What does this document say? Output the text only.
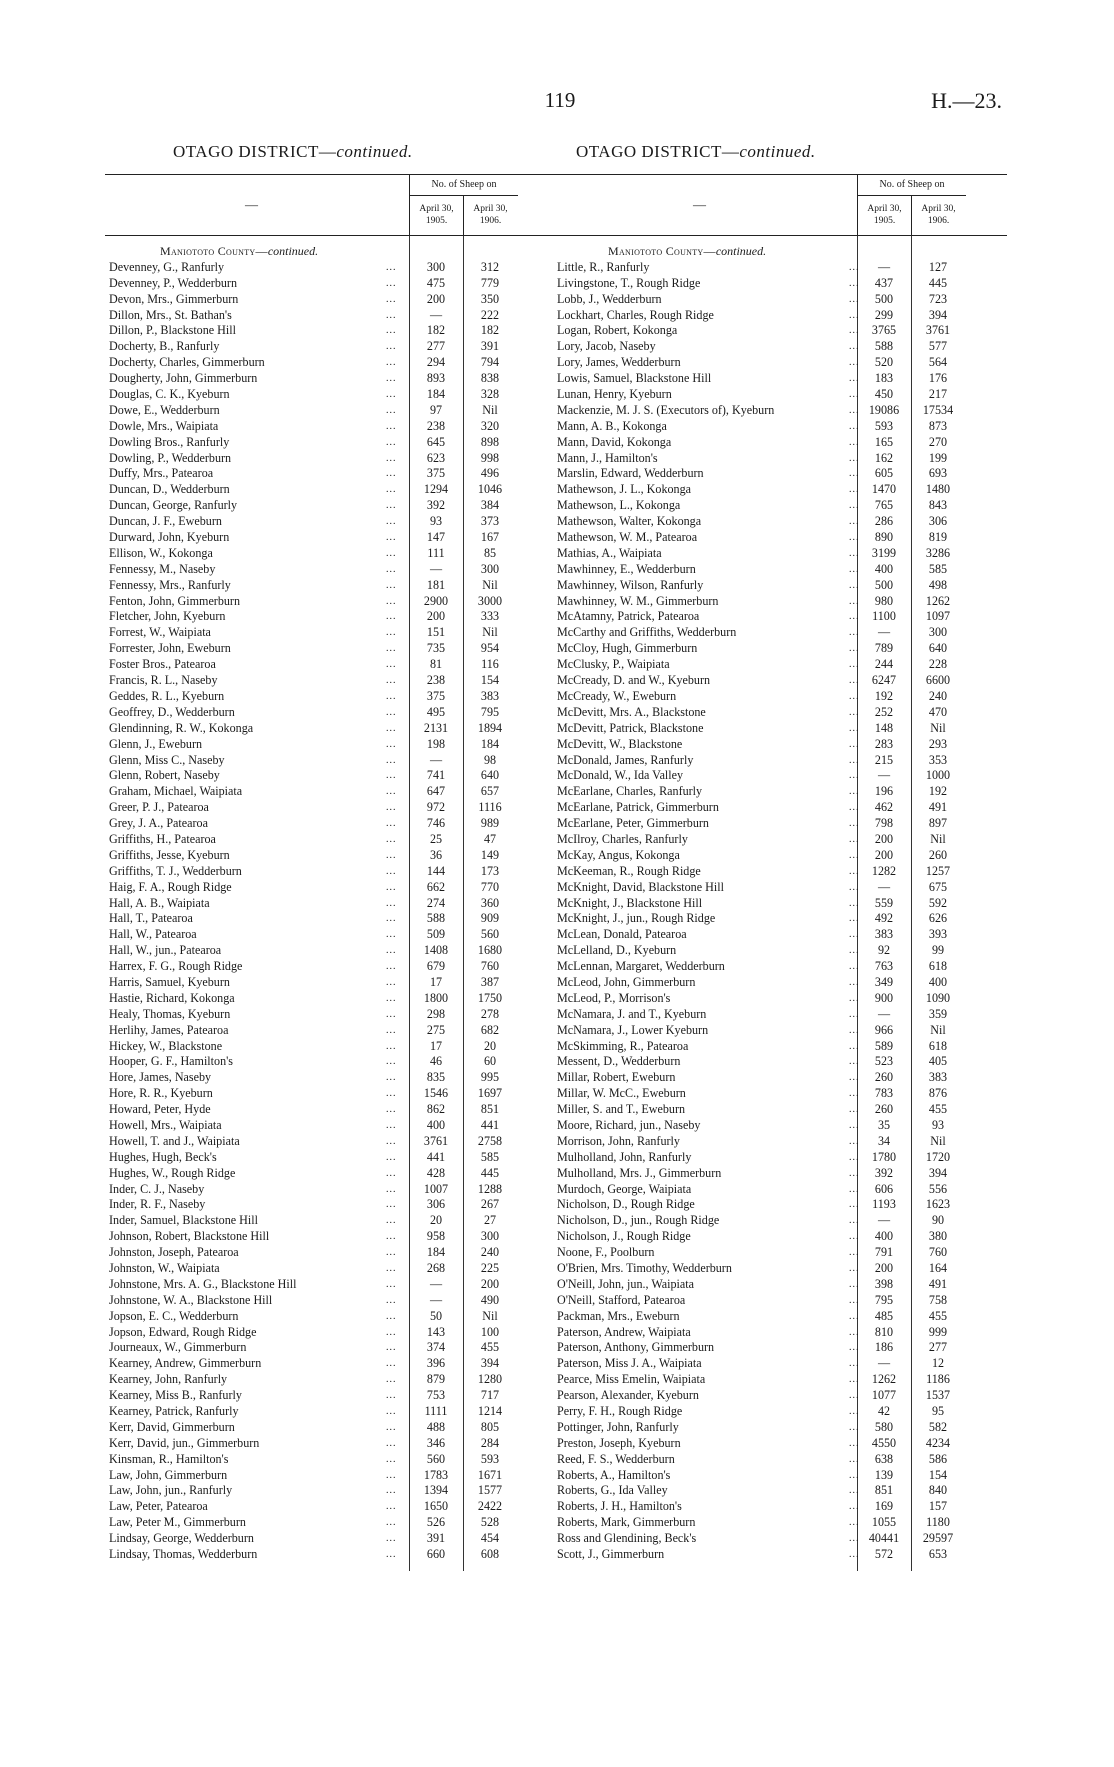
119	H.—23.
OTAGO DISTRICT—continued.	OTAGO DISTRICT—continued.
—
No. of Sheep on
April 30, 1905.
April 30, 1906.
Maniototo County—continued.
Devenney, G., Ranfurly	...	300	312
Devenney, P., Wedderburn	...	475	779
Devon, Mrs., Gimmerburn	...	200	350
Dillon, Mrs., St. Bathan's	...	—	222
Dillon, P., Blackstone Hill	...	182	182
Docherty, B., Ranfurly	...	277	391
Docherty, Charles, Gimmerburn	...	294	794
Dougherty, John, Gimmerburn	...	893	838
Douglas, C. K., Kyeburn	...	184	328
Dowe, E., Wedderburn	...	97	Nil
Dowle, Mrs., Waipiata	...	238	320
Dowling Bros., Ranfurly	...	645	898
Dowling, P., Wedderburn	...	623	998
Duffy, Mrs., Patearoa	...	375	496
Duncan, D., Wedderburn	...	1294	1046
Duncan, George, Ranfurly	...	392	384
Duncan, J. F., Eweburn	...	93	373
Durward, John, Kyeburn	...	147	167
Ellison, W., Kokonga	...	111	85
Fennessy, M., Naseby	...	—	300
Fennessy, Mrs., Ranfurly	...	181	Nil
Fenton, John, Gimmerburn	...	2900	3000
Fletcher, John, Kyeburn	...	200	333
Forrest, W., Waipiata	...	151	Nil
Forrester, John, Eweburn	...	735	954
Foster Bros., Patearoa	...	81	116
Francis, R. L., Naseby	...	238	154
Geddes, R. L., Kyeburn	...	375	383
Geoffrey, D., Wedderburn	...	495	795
Glendinning, R. W., Kokonga	...	2131	1894
Glenn, J., Eweburn	...	198	184
Glenn, Miss C., Naseby	...	—	98
Glenn, Robert, Naseby	...	741	640
Graham, Michael, Waipiata	...	647	657
Greer, P. J., Patearoa	...	972	1116
Grey, J. A., Patearoa	...	746	989
Griffiths, H., Patearoa	...	25	47
Griffiths, Jesse, Kyeburn	...	36	149
Griffiths, T. J., Wedderburn	...	144	173
Haig, F. A., Rough Ridge	...	662	770
Hall, A. B., Waipiata	...	274	360
Hall, T., Patearoa	...	588	909
Hall, W., Patearoa	...	509	560
Hall, W., jun., Patearoa	...	1408	1680
Harrex, F. G., Rough Ridge	...	679	760
Harris, Samuel, Kyeburn	...	17	387
Hastie, Richard, Kokonga	...	1800	1750
Healy, Thomas, Kyeburn	...	298	278
Herlihy, James, Patearoa	...	275	682
Hickey, W., Blackstone	...	17	20
Hooper, G. F., Hamilton's	...	46	60
Hore, James, Naseby	...	835	995
Hore, R. R., Kyeburn	...	1546	1697
Howard, Peter, Hyde	...	862	851
Howell, Mrs., Waipiata	...	400	441
Howell, T. and J., Waipiata	...	3761	2758
Hughes, Hugh, Beck's	...	441	585
Hughes, W., Rough Ridge	...	428	445
Inder, C. J., Naseby	...	1007	1288
Inder, R. F., Naseby	...	306	267
Inder, Samuel, Blackstone Hill	...	20	27
Johnson, Robert, Blackstone Hill	...	958	300
Johnston, Joseph, Patearoa	...	184	240
Johnston, W., Waipiata	...	268	225
Johnstone, Mrs. A. G., Blackstone Hill	...	—	200
Johnstone, W. A., Blackstone Hill	...	—	490
Jopson, E. C., Wedderburn	...	50	Nil
Jopson, Edward, Rough Ridge	...	143	100
Journeaux, W., Gimmerburn	...	374	455
Kearney, Andrew, Gimmerburn	...	396	394
Kearney, John, Ranfurly	...	879	1280
Kearney, Miss B., Ranfurly	...	753	717
Kearney, Patrick, Ranfurly	...	1111	1214
Kerr, David, Gimmerburn	...	488	805
Kerr, David, jun., Gimmerburn	...	346	284
Kinsman, R., Hamilton's	...	560	593
Law, John, Gimmerburn	...	1783	1671
Law, John, jun., Ranfurly	...	1394	1577
Law, Peter, Patearoa	...	1650	2422
Law, Peter M., Gimmerburn	...	526	528
Lindsay, George, Wedderburn	...	391	454
Lindsay, Thomas, Wedderburn	...	660	608
—
No. of Sheep on
April 30, 1905.
April 30, 1906.
Maniototo County—continued.
Little, R., Ranfurly	...	—	127
Livingstone, T., Rough Ridge	...	437	445
Lobb, J., Wedderburn	...	500	723
Lockhart, Charles, Rough Ridge	...	299	394
Logan, Robert, Kokonga	...	3765	3761
Lory, Jacob, Naseby	...	588	577
Lory, James, Wedderburn	...	520	564
Lowis, Samuel, Blackstone Hill	...	183	176
Lunan, Henry, Kyeburn	...	450	217
Mackenzie, M. J. S. (Executors of), Kyeburn	... 19086	17534
Mann, A. B., Kokonga	...	593	873
Mann, David, Kokonga	...	165	270
Mann, J., Hamilton's	...	162	199
Marslin, Edward, Wedderburn	...	605	693
Mathewson, J. L., Kokonga	...	1470	1480
Mathewson, L., Kokonga	...	765	843
Mathewson, Walter, Kokonga	...	286	306
Mathewson, W. M., Patearoa	...	890	819
Mathias, A., Waipiata	...	3199	3286
Mawhinney, E., Wedderburn	...	400	585
Mawhinney, Wilson, Ranfurly	...	500	498
Mawhinney, W. M., Gimmerburn	...	980	1262
McAtamny, Patrick, Patearoa	...	1100	1097
McCarthy and Griffiths, Wedderburn	...	—	300
McCloy, Hugh, Gimmerburn	...	789	640
McClusky, P., Waipiata	...	244	228
McCready, D. and W., Kyeburn	...	6247	6600
McCready, W., Eweburn	...	192	240
McDevitt, Mrs. A., Blackstone	...	252	470
McDevitt, Patrick, Blackstone	...	148	Nil
McDevitt, W., Blackstone	...	283	293
McDonald, James, Ranfurly	...	215	353
McDonald, W., Ida Valley	...	—	1000
McEarlane, Charles, Ranfurly	...	196	192
McEarlane, Patrick, Gimmerburn	...	462	491
McEarlane, Peter, Gimmerburn	...	798	897
McIlroy, Charles, Ranfurly	...	200	Nil
McKay, Angus, Kokonga	...	200	260
McKeeman, R., Rough Ridge	...	1282	1257
McKnight, David, Blackstone Hill	...	—	675
McKnight, J., Blackstone Hill	...	559	592
McKnight, J., jun., Rough Ridge	...	492	626
McLean, Donald, Patearoa	...	383	393
McLelland, D., Kyeburn	...	92	99
McLennan, Margaret, Wedderburn	...	763	618
McLeod, John, Gimmerburn	...	349	400
McLeod, P., Morrison's	...	900	1090
McNamara, J. and T., Kyeburn	...	—	359
McNamara, J., Lower Kyeburn	...	966	Nil
McSkimming, R., Patearoa	...	589	618
Messent, D., Wedderburn	...	523	405
Millar, Robert, Eweburn	...	260	383
Millar, W. McC., Eweburn	...	783	876
Miller, S. and T., Eweburn	...	260	455
Moore, Richard, jun., Naseby	...	35	93
Morrison, John, Ranfurly	...	34	Nil
Mulholland, John, Ranfurly	...	1780	1720
Mulholland, Mrs. J., Gimmerburn	...	392	394
Murdoch, George, Waipiata	...	606	556
Nicholson, D., Rough Ridge	...	1193	1623
Nicholson, D., jun., Rough Ridge	...	—	90
Nicholson, J., Rough Ridge	...	400	380
Noone, F., Poolburn	...	791	760
O'Brien, Mrs. Timothy, Wedderburn	...	200	164
O'Neill, John, jun., Waipiata	...	398	491
O'Neill, Stafford, Patearoa	...	795	758
Packman, Mrs., Eweburn	...	485	455
Paterson, Andrew, Waipiata	...	810	999
Paterson, Anthony, Gimmerburn	...	186	277
Paterson, Miss J. A., Waipiata	...	—	12
Pearce, Miss Emelin, Waipiata	...	1262	1186
Pearson, Alexander, Kyeburn	...	1077	1537
Perry, F. H., Rough Ridge	...	42	95
Pottinger, John, Ranfurly	...	580	582
Preston, Joseph, Kyeburn	...	4550	4234
Reed, F. S., Wedderburn	...	638	586
Roberts, A., Hamilton's	...	139	154
Roberts, G., Ida Valley	...	851	840
Roberts, J. H., Hamilton's	...	169	157
Roberts, Mark, Gimmerburn	...	1055	1180
Ross and Glendining, Beck's	... 40441	29597
Scott, J., Gimmerburn	...	572	653
